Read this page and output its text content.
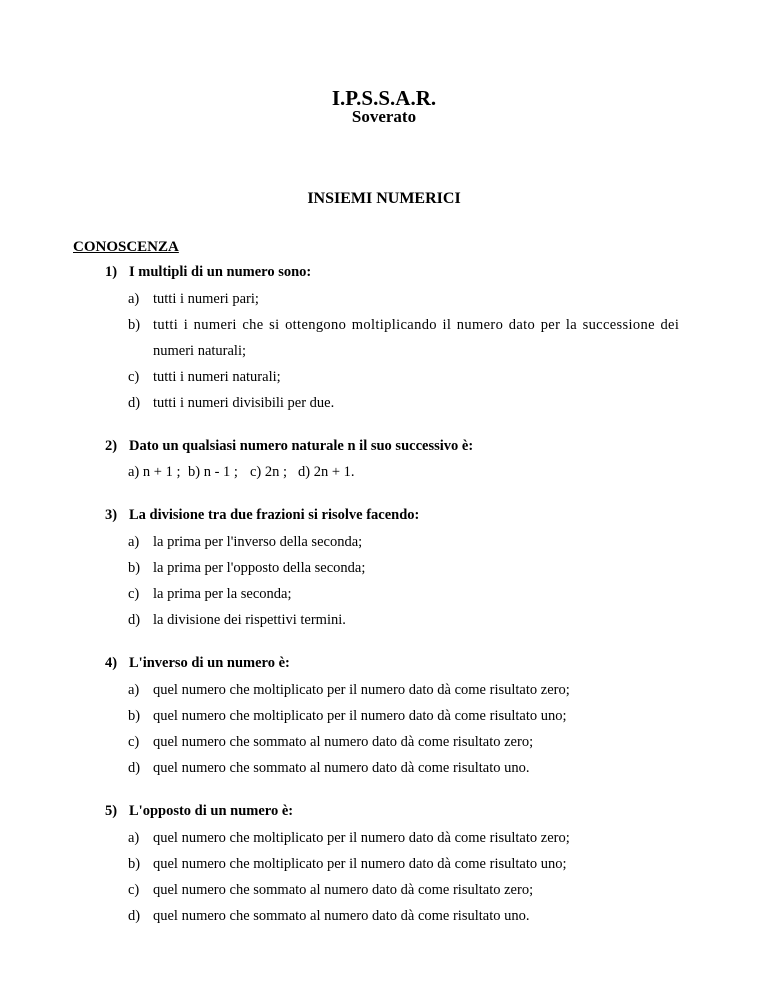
I.P.S.S.A.R.
Soverato
INSIEMI NUMERICI
CONOSCENZA
1) I multipli di un numero sono:
a) tutti i numeri pari;
b) tutti i numeri che si ottengono moltiplicando il numero dato per la successione dei
numeri naturali;
c) tutti i numeri naturali;
d) tutti i numeri divisibili per due.
2) Dato un qualsiasi numero naturale n il suo successivo è:
a) n + 1 ; b) n - 1 ; c) 2n ; d) 2n + 1.
3) La divisione tra due frazioni si risolve facendo:
a) la prima per l'inverso della seconda;
b) la prima per l'opposto della seconda;
c) la prima per la seconda;
d) la divisione dei rispettivi termini.
4) L'inverso di un numero è:
a) quel numero che moltiplicato per il numero dato dà come risultato zero;
b) quel numero che moltiplicato per il numero dato dà come risultato uno;
c) quel numero che sommato al numero dato dà come risultato zero;
d) quel numero che sommato al numero dato dà come risultato uno.
5) L'opposto di un numero è:
a) quel numero che moltiplicato per il numero dato dà come risultato zero;
b) quel numero che moltiplicato per il numero dato dà come risultato uno;
c) quel numero che sommato al numero dato dà come risultato zero;
d) quel numero che sommato al numero dato dà come risultato uno.
